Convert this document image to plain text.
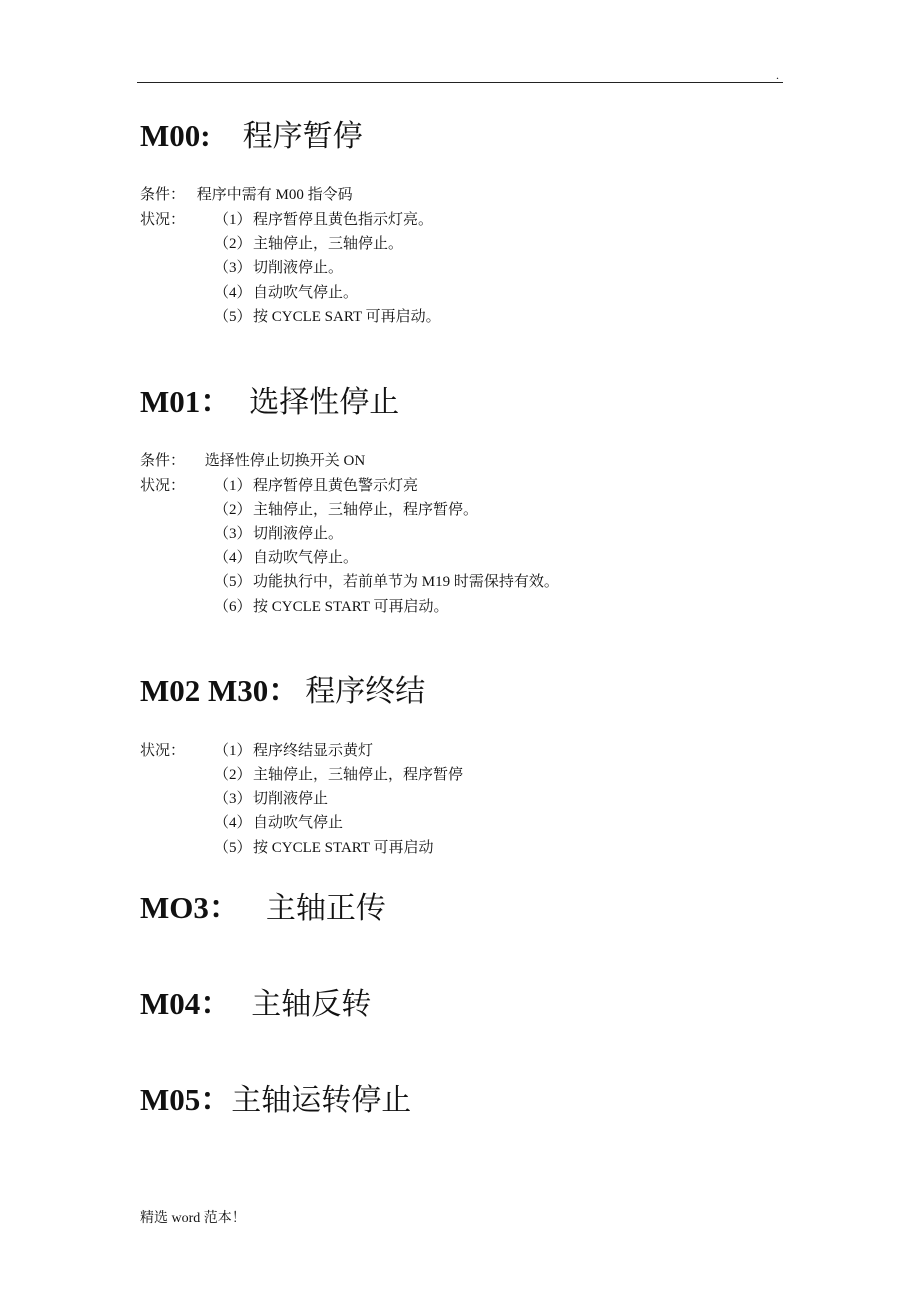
.
M00: 程序暂停
条件： 程序中需有 M00 指令码
状况： （1） 程序暂停且黄色指示灯亮。
（2） 主轴停止，三轴停止。
（3） 切削液停止。
（4） 自动吹气停止。
（5） 按 CYCLE SART 可再启动。
M01： 选择性停止
条件： 选择性停止切换开关 ON
状况： （1） 程序暂停且黄色警示灯亮
（2） 主轴停止，三轴停止，程序暂停。
（3） 切削液停止。
（4） 自动吹气停止。
（5） 功能执行中，若前单节为 M19 时需保持有效。
（6） 按 CYCLE START 可再启动。
M02 M30： 程序终结
状况： （1） 程序终结显示黄灯
（2） 主轴停止，三轴停止，程序暂停
（3） 切削液停止
（4） 自动吹气停止
（5） 按 CYCLE START 可再启动
MO3： 主轴正传
M04： 主轴反转
M05： 主轴运转停止
精选 word 范本！
